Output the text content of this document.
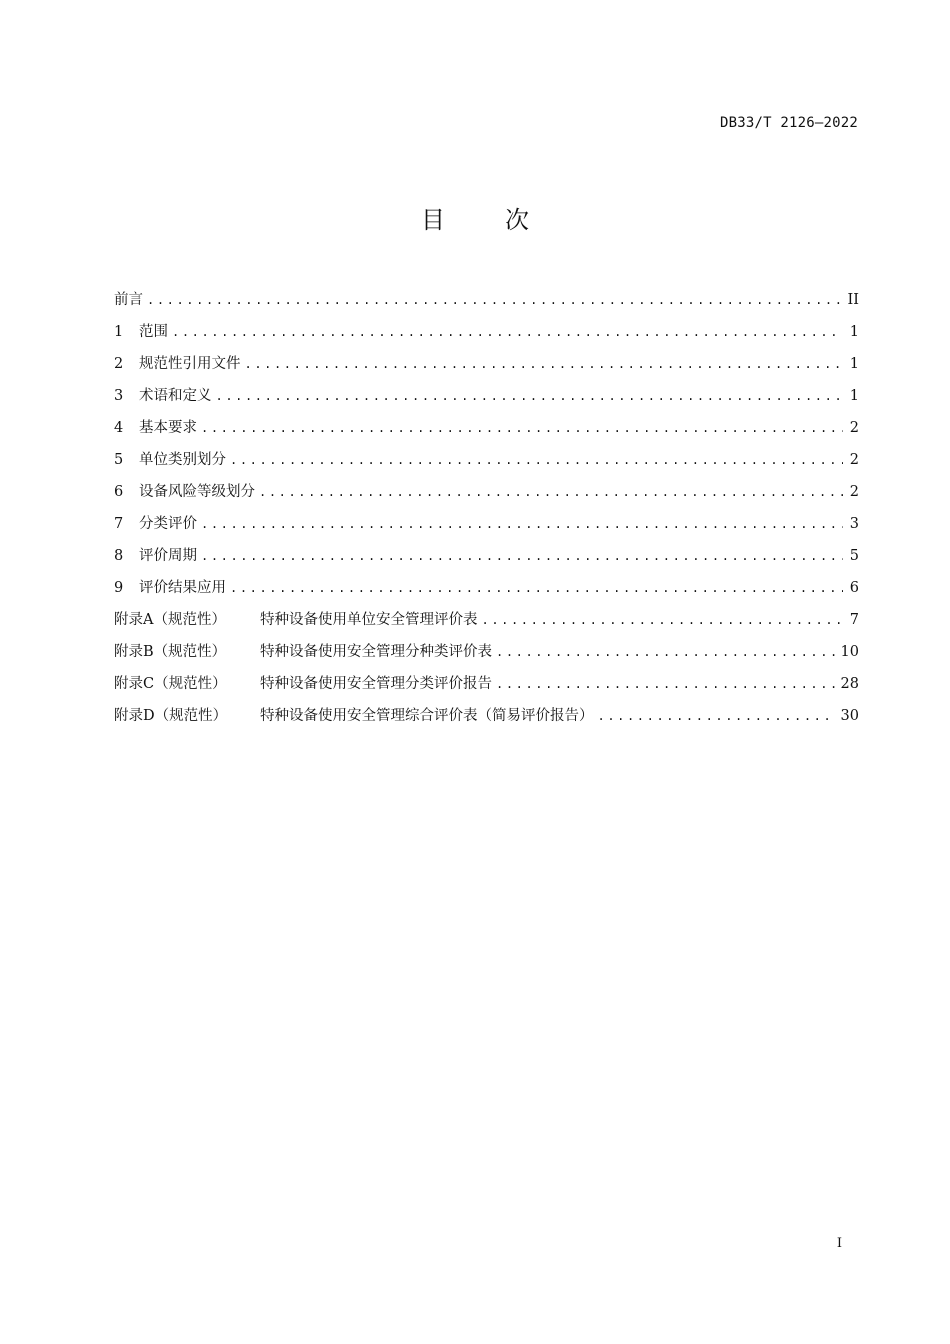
DB33/T 2126—2022
目	次
前言 .....	II
1	范围 .....	1
2	规范性引用文件 .....	1
3	术语和定义 .....	1
4	基本要求 .....	2
5	单位类别划分 .....	2
6	设备风险等级划分 .....	2
7	分类评价 .....	3
8	评价周期 .....	5
9	评价结果应用 .....	6
附录A（规范性）	特种设备使用单位安全管理评价表 .....	7
附录B（规范性）	特种设备使用安全管理分种类评价表 .....	10
附录C（规范性）	特种设备使用安全管理分类评价报告 .....	28
附录D（规范性）	特种设备使用安全管理综合评价表（简易评价报告） .....	30
I
